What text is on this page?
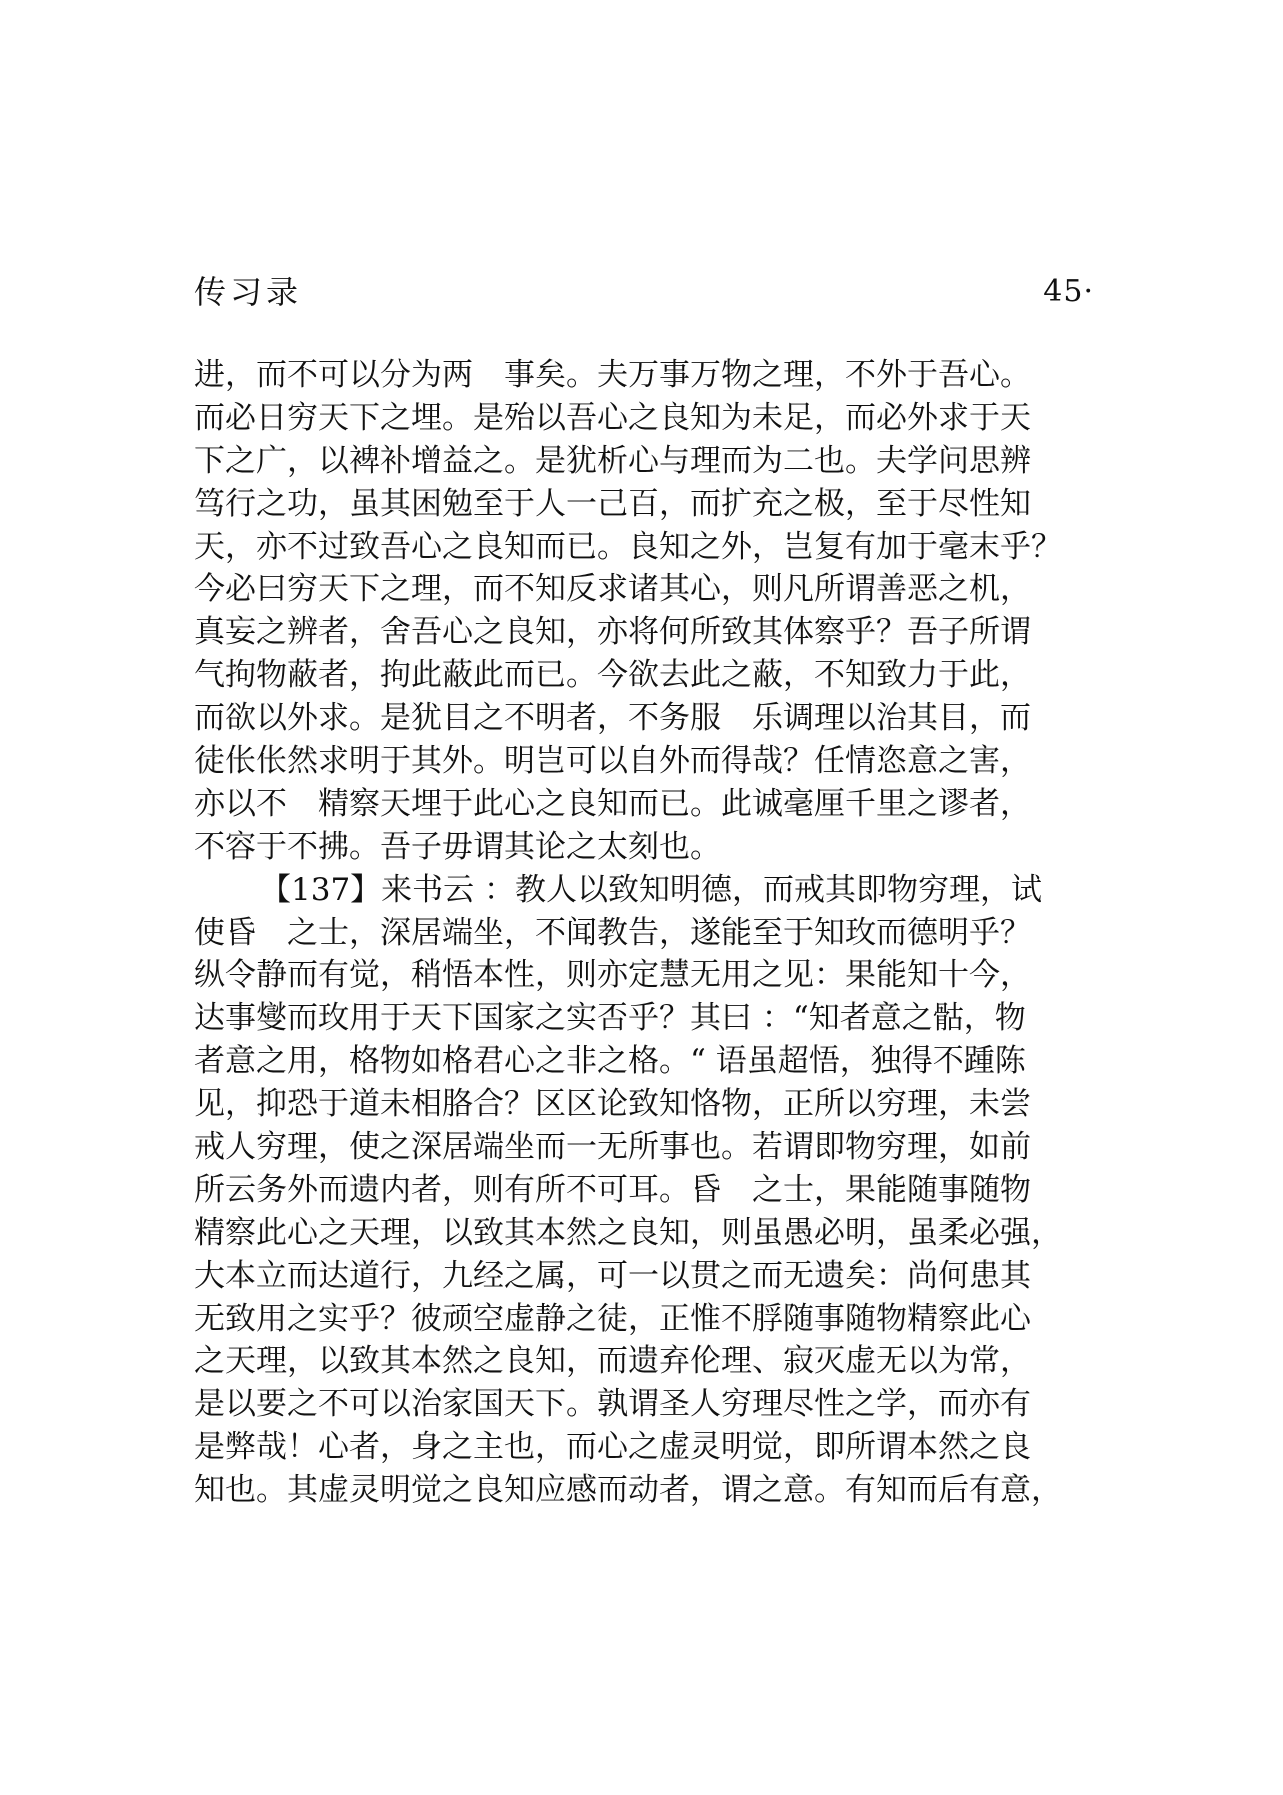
传习录	45·
进，而不可以分为两　事矣。夫万事万物之理，不外于吾心。
而必日穷天下之埋。是殆以吾心之良知为未足，而必外求于天
下之广，以裨补增益之。是犹析心与理而为二也。夫学问思辨
笃行之功，虽其困勉至于人一己百，而扩充之极，至于尽性知
天，亦不过致吾心之良知而已。良知之外，岂复有加于毫末乎？
今必曰穷天下之理，而不知反求诸其心，则凡所谓善恶之机，
真妄之辨者，舍吾心之良知，亦将何所致其体察乎？吾子所谓
气拘物蔽者，拘此蔽此而已。今欲去此之蔽，不知致力于此，
而欲以外求。是犹目之不明者，不务服　乐调理以治其目，而
徒伥伥然求明于其外。明岂可以自外而得哉？任情恣意之害，
亦以不　精察天埋于此心之良知而已。此诚毫厘千里之谬者，
不容于不拂。吾子毋谓其论之太刻也。
【137】来书云 ：教人以致知明德，而戒其即物穷理，试
使昏　之士，深居端坐，不闻教告，遂能至于知玫而德明乎？
纵令静而有觉，稍悟本性，则亦定慧无用之见：果能知十今，
达事燮而玫用于天下国家之实否乎？其曰 ：“知者意之骷，物
者意之用，格物如格君心之非之格。“ 语虽超悟，独得不踵陈
见，抑恐于道未相胳合？区区论致知恪物，正所以穷理，未尝
戒人穷理，使之深居端坐而一无所事也。若谓即物穷理，如前
所云务外而遗内者，则有所不可耳。昏　之士，果能随事随物
精察此心之天理，以致其本然之良知，则虽愚必明，虽柔必强，
大本立而达道行，九经之属，可一以贯之而无遗矣：尚何患其
无致用之实乎？彼顽空虚静之徒，正惟不脬随事随物精察此心
之天理，以致其本然之良知，而遗弃伦理、寂灭虚无以为常，
是以要之不可以治家国天下。孰谓圣人穷理尽性之学，而亦有
是弊哉！心者，身之主也，而心之虚灵明觉，即所谓本然之良
知也。其虚灵明觉之良知应感而动者，谓之意。有知而后有意，
